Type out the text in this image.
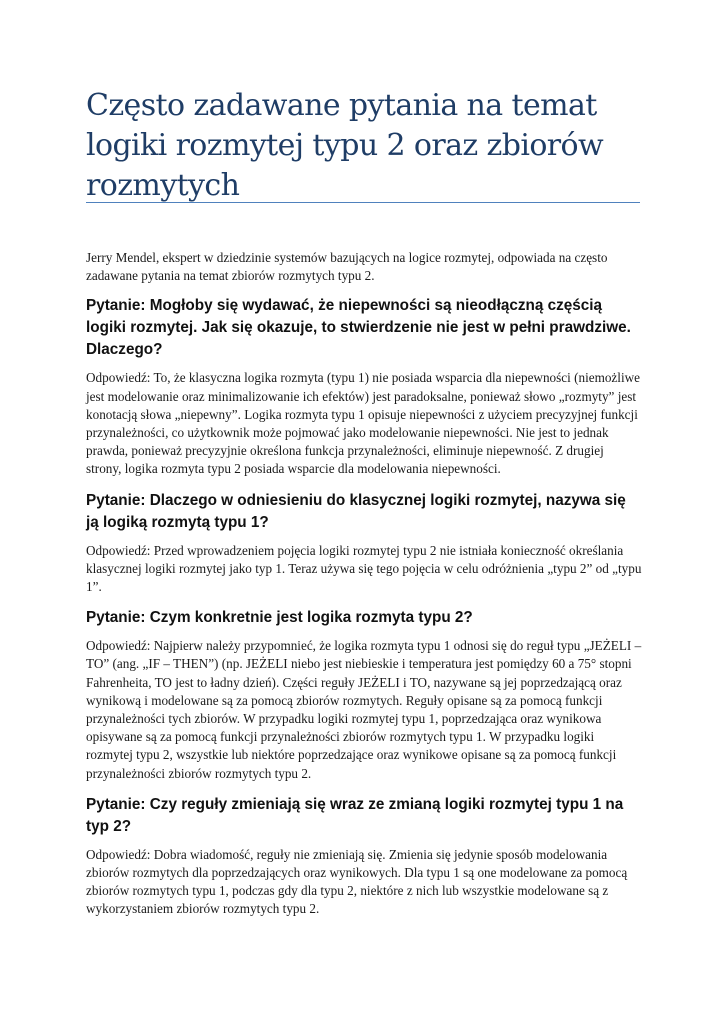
Często zadawane pytania na temat logiki rozmytej typu 2 oraz zbiorów rozmytych

Jerry Mendel, ekspert w dziedzinie systemów bazujących na logice rozmytej, odpowiada na często zadawane pytania na temat zbiorów rozmytych typu 2.

Pytanie: Mogłoby się wydawać, że niepewności są nieodłączną częścią logiki rozmytej. Jak się okazuje, to stwierdzenie nie jest w pełni prawdziwe. Dlaczego?

Odpowiedź: To, że klasyczna logika rozmyta (typu 1) nie posiada wsparcia dla niepewności (niemożliwe jest modelowanie oraz minimalizowanie ich efektów) jest paradoksalne, ponieważ słowo „rozmyty” jest konotacją słowa „niepewny”. Logika rozmyta typu 1 opisuje niepewności z użyciem precyzyjnej funkcji przynależności, co użytkownik może pojmować jako modelowanie niepewności. Nie jest to jednak prawda, ponieważ precyzyjnie określona funkcja przynależności, eliminuje niepewność. Z drugiej strony, logika rozmyta typu 2 posiada wsparcie dla modelowania niepewności.

Pytanie: Dlaczego w odniesieniu do klasycznej logiki rozmytej, nazywa się ją logiką rozmytą typu 1?

Odpowiedź: Przed wprowadzeniem pojęcia logiki rozmytej typu 2 nie istniała konieczność określania klasycznej logiki rozmytej jako typ 1. Teraz używa się tego pojęcia w celu odróżnienia „typu 2” od „typu 1”.

Pytanie: Czym konkretnie jest logika rozmyta typu 2?

Odpowiedź: Najpierw należy przypomnieć, że logika rozmyta typu 1 odnosi się do reguł typu „JEŻELI – TO” (ang. „IF – THEN”) (np. JEŻELI niebo jest niebieskie i temperatura jest pomiędzy 60 a 75° stopni Fahrenheita, TO jest to ładny dzień). Części reguły JEŻELI i TO, nazywane są jej poprzedzającą oraz wynikową i modelowane są za pomocą zbiorów rozmytych. Reguły opisane są za pomocą funkcji przynależności tych zbiorów. W przypadku logiki rozmytej typu 1, poprzedzająca oraz wynikowa opisywane są za pomocą funkcji przynależności zbiorów rozmytych typu 1. W przypadku logiki rozmytej typu 2, wszystkie lub niektóre poprzedzające oraz wynikowe opisane są za pomocą funkcji przynależności zbiorów rozmytych typu 2.

Pytanie: Czy reguły zmieniają się wraz ze zmianą logiki rozmytej typu 1 na typ 2?

Odpowiedź: Dobra wiadomość, reguły nie zmieniają się. Zmienia się jedynie sposób modelowania zbiorów rozmytych dla poprzedzających oraz wynikowych. Dla typu 1 są one modelowane za pomocą zbiorów rozmytych typu 1, podczas gdy dla typu 2, niektóre z nich lub wszystkie modelowane są z wykorzystaniem zbiorów rozmytych typu 2.
